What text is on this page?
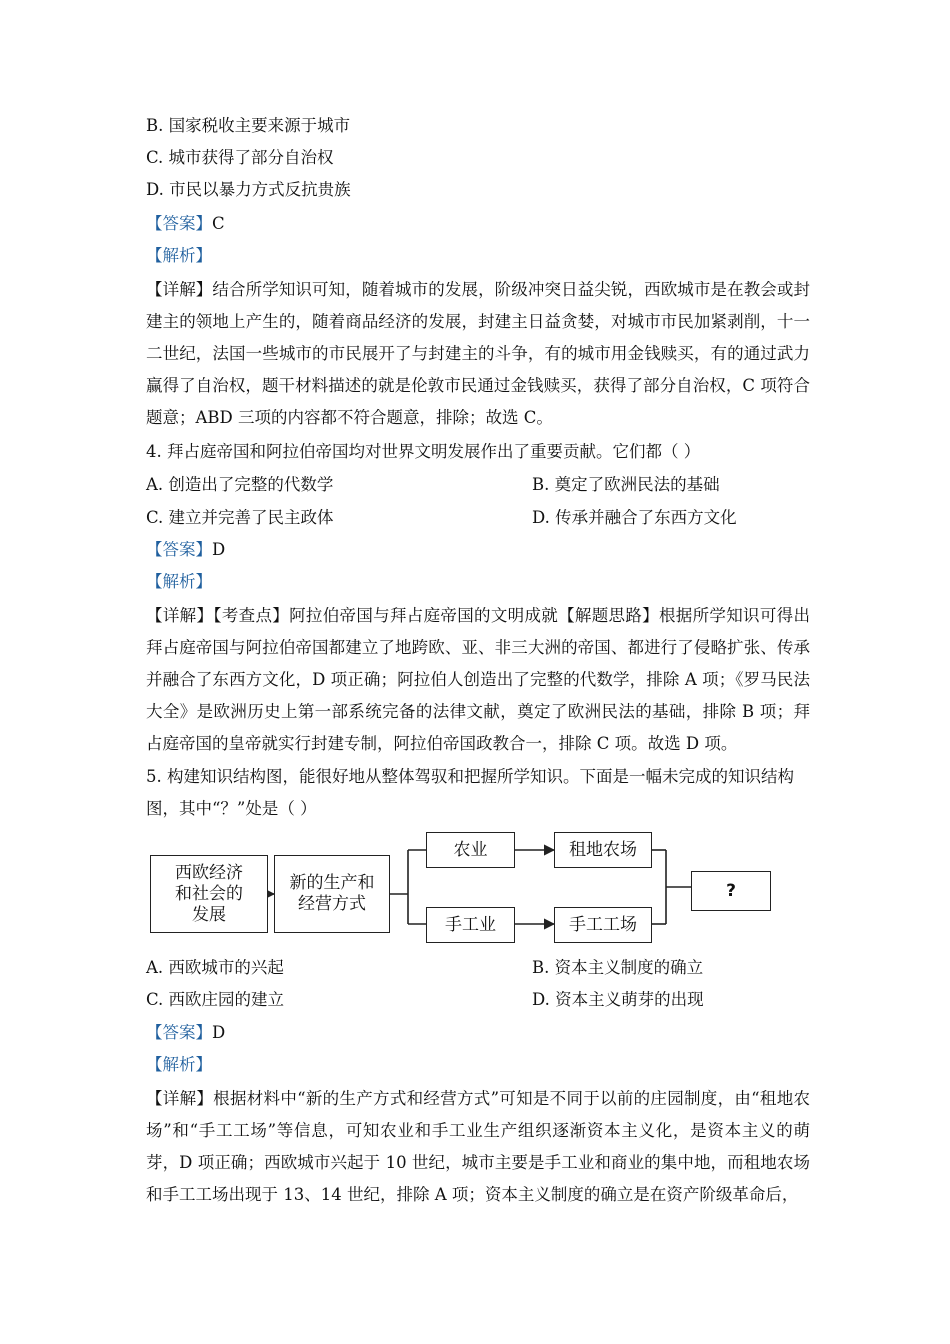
B. 国家税收主要来源于城市
C. 城市获得了部分自治权
D. 市民以暴力方式反抗贵族
【答案】C
【解析】
【详解】结合所学知识可知，随着城市的发展，阶级冲突日益尖锐，西欧城市是在教会或封建主的领地上产生的，随着商品经济的发展，封建主日益贪婪，对城市市民加紧剥削，十一二世纪，法国一些城市的市民展开了与封建主的斗争，有的城市用金钱赎买，有的通过武力赢得了自治权，题干材料描述的就是伦敦市民通过金钱赎买，获得了部分自治权，C 项符合题意；ABD 三项的内容都不符合题意，排除；故选 C。
4. 拜占庭帝国和阿拉伯帝国均对世界文明发展作出了重要贡献。它们都（ ）
A. 创造出了完整的代数学	B. 奠定了欧洲民法的基础
C. 建立并完善了民主政体	D. 传承并融合了东西方文化
【答案】D
【解析】
【详解】【考查点】阿拉伯帝国与拜占庭帝国的文明成就【解题思路】根据所学知识可得出拜占庭帝国与阿拉伯帝国都建立了地跨欧、亚、非三大洲的帝国、都进行了侵略扩张、传承并融合了东西方文化，D 项正确；阿拉伯人创造出了完整的代数学，排除 A 项；《罗马民法大全》是欧洲历史上第一部系统完备的法律文献，奠定了欧洲民法的基础，排除 B 项；拜占庭帝国的皇帝就实行封建专制，阿拉伯帝国政教合一，排除 C 项。故选 D 项。
5. 构建知识结构图，能很好地从整体驾驭和把握所学知识。下面是一幅未完成的知识结构
图，其中“？”处是（ ）
西欧经济
和社会的
发展
新的生产和
经营方式
农业
手工业
租地农场
手工工场
?
A. 西欧城市的兴起	B. 资本主义制度的确立
C. 西欧庄园的建立	D. 资本主义萌芽的出现
【答案】D
【解析】
【详解】根据材料中“新的生产方式和经营方式”可知是不同于以前的庄园制度，由“租地农场”和“手工工场”等信息，可知农业和手工业生产组织逐渐资本主义化，是资本主义的萌芽，D 项正确；西欧城市兴起于 10 世纪，城市主要是手工业和商业的集中地，而租地农场和手工工场出现于 13、14 世纪，排除 A 项；资本主义制度的确立是在资产阶级革命后，
